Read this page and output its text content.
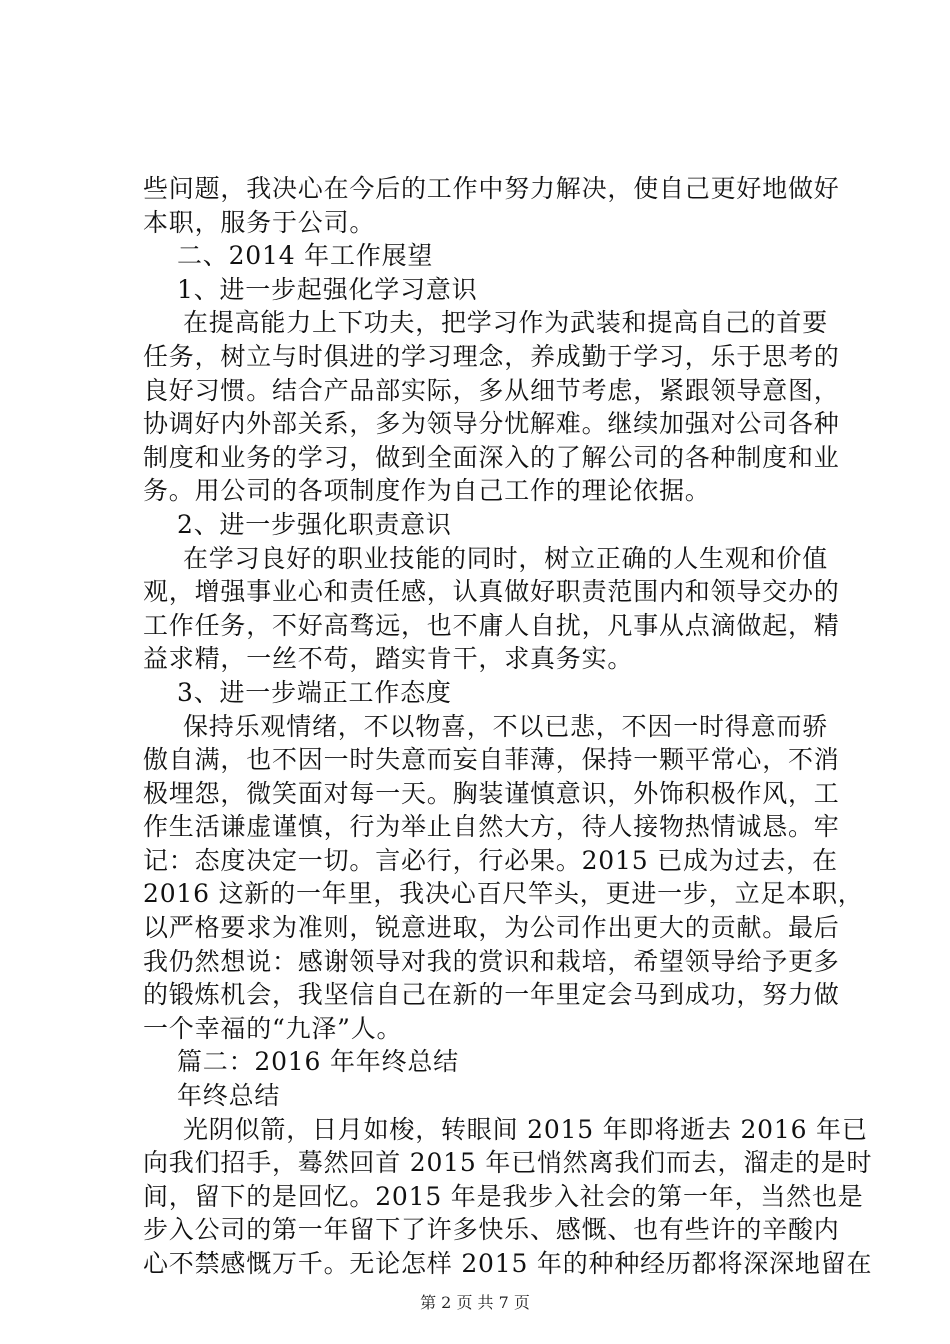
些问题，我决心在今后的工作中努力解决，使自己更好地做好
本职，服务于公司。
二、2014 年工作展望
1、进一步起强化学习意识
在提高能力上下功夫，把学习作为武装和提高自己的首要
任务，树立与时俱进的学习理念，养成勤于学习，乐于思考的
良好习惯。结合产品部实际，多从细节考虑，紧跟领导意图，
协调好内外部关系，多为领导分忧解难。继续加强对公司各种
制度和业务的学习，做到全面深入的了解公司的各种制度和业
务。用公司的各项制度作为自己工作的理论依据。
2、进一步强化职责意识
在学习良好的职业技能的同时，树立正确的人生观和价值
观，增强事业心和责任感，认真做好职责范围内和领导交办的
工作任务，不好高骛远，也不庸人自扰，凡事从点滴做起，精
益求精，一丝不苟，踏实肯干，求真务实。
3、进一步端正工作态度
保持乐观情绪，不以物喜，不以已悲，不因一时得意而骄
傲自满，也不因一时失意而妄自菲薄，保持一颗平常心，不消
极埋怨，微笑面对每一天。胸装谨慎意识，外饰积极作风，工
作生活谦虚谨慎，行为举止自然大方，待人接物热情诚恳。牢
记：态度决定一切。言必行，行必果。2015 已成为过去，在
2016 这新的一年里，我决心百尺竿头，更进一步，立足本职，
以严格要求为准则，锐意进取，为公司作出更大的贡献。最后
我仍然想说：感谢领导对我的赏识和栽培，希望领导给予更多
的锻炼机会，我坚信自己在新的一年里定会马到成功，努力做
一个幸福的“九泽”人。
篇二：2016 年年终总结
年终总结
光阴似箭，日月如梭，转眼间 2015 年即将逝去 2016 年已
向我们招手，蓦然回首 2015 年已悄然离我们而去，溜走的是时
间，留下的是回忆。2015 年是我步入社会的第一年，当然也是
步入公司的第一年留下了许多快乐、感慨、也有些许的辛酸内
心不禁感慨万千。无论怎样 2015 年的种种经历都将深深地留在
第 2 页 共 7 页
